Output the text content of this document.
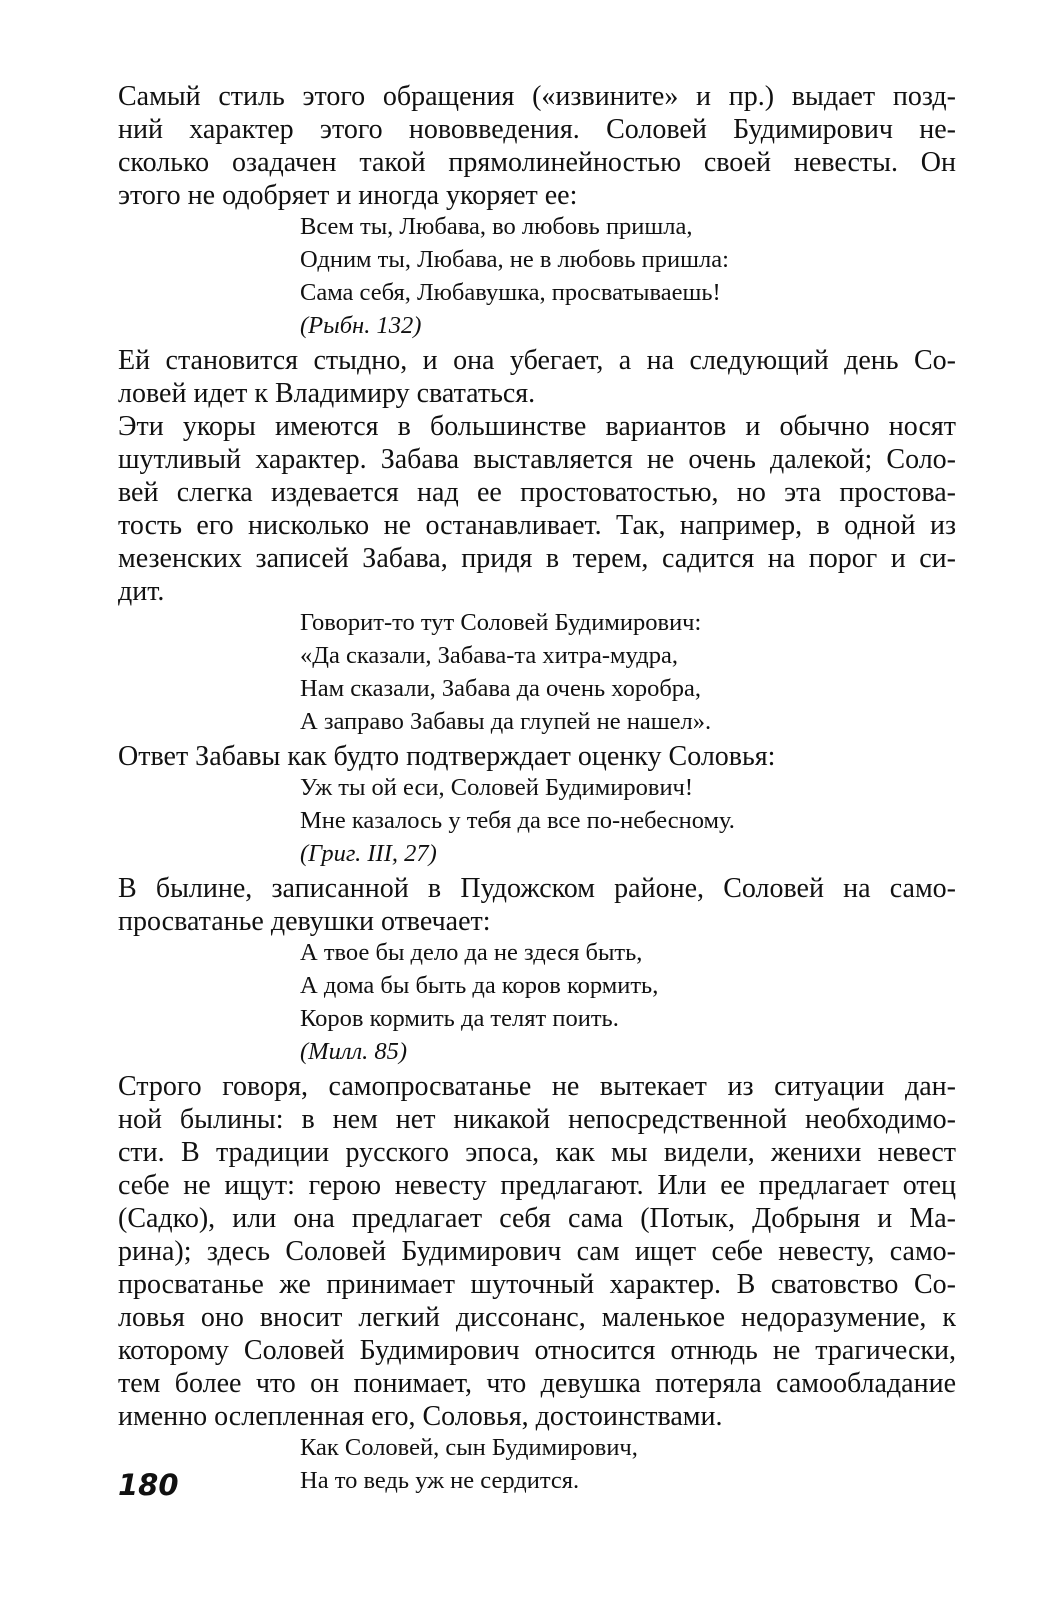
Самый стиль этого обращения («извините» и пр.) выдает позд-
ний характер этого нововведения. Соловей Будимирович не-
сколько озадачен такой прямолинейностью своей невесты. Он
этого не одобряет и иногда укоряет ее:
Всем ты, Любава, во любовь пришла,
Одним ты, Любава, не в любовь пришла:
Сама себя, Любавушка, просватываешь!
(Рыбн. 132)
Ей становится стыдно, и она убегает, а на следующий день Со-
ловей идет к Владимиру свататься.
Эти укоры имеются в большинстве вариантов и обычно носят
шутливый характер. Забава выставляется не очень далекой; Соло-
вей слегка издевается над ее простоватостью, но эта простова-
тость его нисколько не останавливает. Так, например, в одной из
мезенских записей Забава, придя в терем, садится на порог и си-
дит.
Говорит-то тут Соловей Будимирович:
«Да сказали, Забава-та хитра-мудра,
Нам сказали, Забава да очень хоробра,
А заправо Забавы да глупей не нашел».
Ответ Забавы как будто подтверждает оценку Соловья:
Уж ты ой еси, Соловей Будимирович!
Мне казалось у тебя да все по-небесному.
(Григ. III, 27)
В былине, записанной в Пудожском районе, Соловей на само-
просватанье девушки отвечает:
А твое бы дело да не здеся быть,
А дома бы быть да коров кормить,
Коров кормить да телят поить.
(Милл. 85)
Строго говоря, самопросватанье не вытекает из ситуации дан-
ной былины: в нем нет никакой непосредственной необходимо-
сти. В традиции русского эпоса, как мы видели, женихи невест
себе не ищут: герою невесту предлагают. Или ее предлагает отец
(Садко), или она предлагает себя сама (Потык, Добрыня и Ма-
рина); здесь Соловей Будимирович сам ищет себе невесту, само-
просватанье же принимает шуточный характер. В сватовство Со-
ловья оно вносит легкий диссонанс, маленькое недоразумение, к
которому Соловей Будимирович относится отнюдь не трагически,
тем более что он понимает, что девушка потеряла самообладание
именно ослепленная его, Соловья, достоинствами.
Как Соловей, сын Будимирович,
На то ведь уж не сердится.
180
